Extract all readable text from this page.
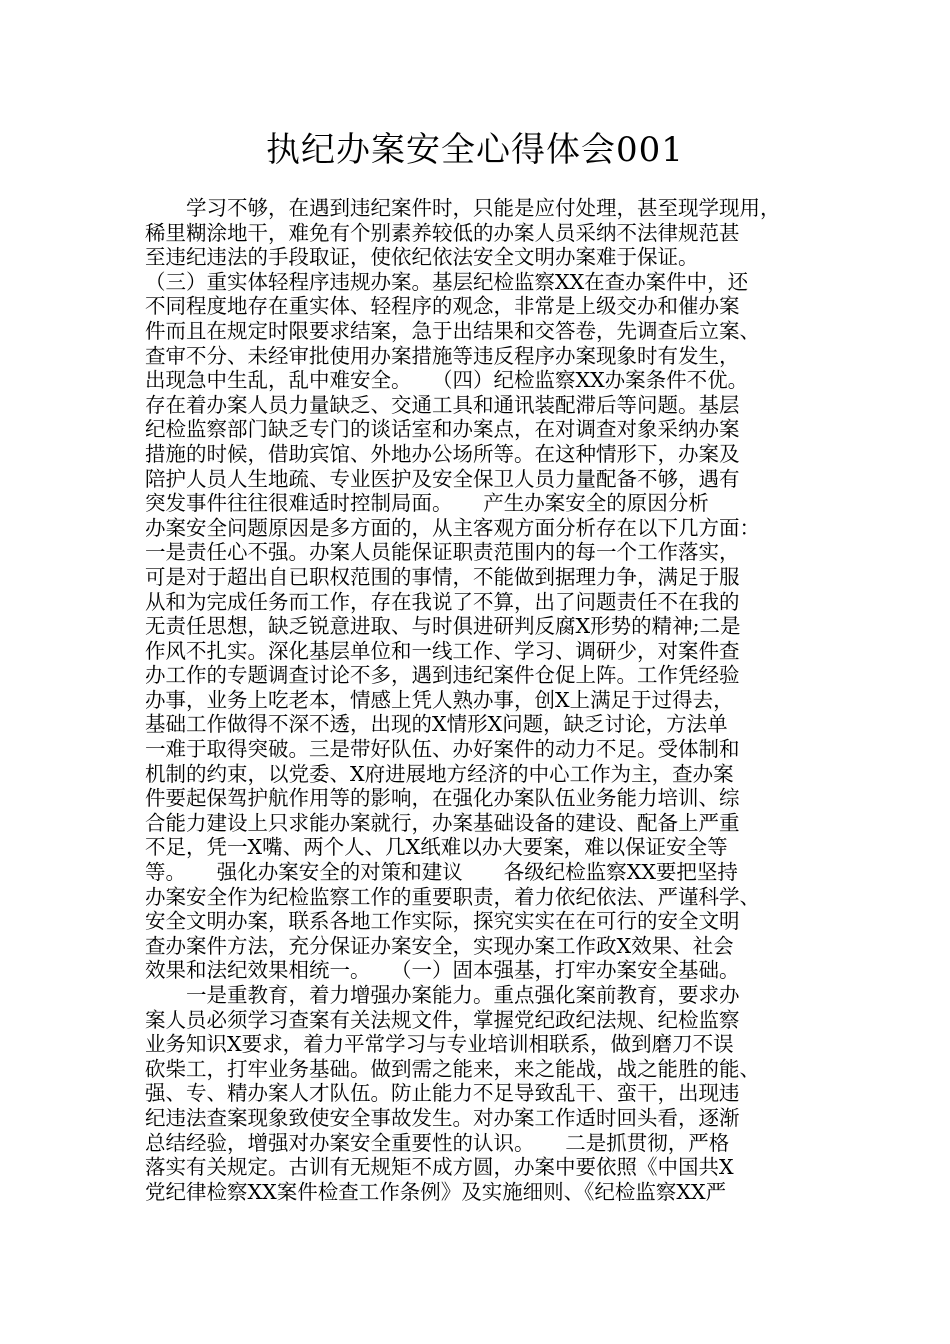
执纪办案安全心得体会001
　　学习不够，在遇到违纪案件时，只能是应付处理，甚至现学现用，
稀里糊涂地干，难免有个别素养较低的办案人员采纳不法律规范甚
至违纪违法的手段取证，使依纪依法安全文明办案难于保证。
（三）重实体轻程序违规办案。基层纪检监察XX在查办案件中，还
不同程度地存在重实体、轻程序的观念，非常是上级交办和催办案
件而且在规定时限要求结案，急于出结果和交答卷，先调查后立案、
查审不分、未经审批使用办案措施等违反程序办案现象时有发生，
出现急中生乱，乱中难安全。　　（四）纪检监察XX办案条件不优。
存在着办案人员力量缺乏、交通工具和通讯装配滞后等问题。基层
纪检监察部门缺乏专门的谈话室和办案点，在对调查对象采纳办案
措施的时候，借助宾馆、外地办公场所等。在这种情形下，办案及
陪护人员人生地疏、专业医护及安全保卫人员力量配备不够，遇有
突发事件往往很难适时控制局面。　　产生办案安全的原因分析
办案安全问题原因是多方面的，从主客观方面分析存在以下几方面：
一是责任心不强。办案人员能保证职责范围内的每一个工作落实，
可是对于超出自已职权范围的事情，不能做到据理力争，满足于服
从和为完成任务而工作，存在我说了不算，出了问题责任不在我的
无责任思想，缺乏锐意进取、与时俱进研判反腐X形势的精神;二是
作风不扎实。深化基层单位和一线工作、学习、调研少，对案件查
办工作的专题调查讨论不多，遇到违纪案件仓促上阵。工作凭经验
办事，业务上吃老本，情感上凭人熟办事，创X上满足于过得去，
基础工作做得不深不透，出现的X情形X问题，缺乏讨论，方法单
一难于取得突破。三是带好队伍、办好案件的动力不足。受体制和
机制的约束，以党委、X府进展地方经济的中心工作为主，查办案
件要起保驾护航作用等的影响，在强化办案队伍业务能力培训、综
合能力建设上只求能办案就行，办案基础设备的建设、配备上严重
不足，凭一X嘴、两个人、几X纸难以办大要案，难以保证安全等
等。　　强化办案安全的对策和建议　　各级纪检监察XX要把坚持
办案安全作为纪检监察工作的重要职责，着力依纪依法、严谨科学、
安全文明办案，联系各地工作实际，探究实实在在可行的安全文明
查办案件方法，充分保证办案安全，实现办案工作政X效果、社会
效果和法纪效果相统一。　　（一）固本强基，打牢办案安全基础。
　　一是重教育，着力增强办案能力。重点强化案前教育，要求办
案人员必须学习查案有关法规文件，掌握党纪政纪法规、纪检监察
业务知识X要求，着力平常学习与专业培训相联系，做到磨刀不误
砍柴工，打牢业务基础。做到需之能来，来之能战，战之能胜的能、
强、专、精办案人才队伍。防止能力不足导致乱干、蛮干，出现违
纪违法查案现象致使安全事故发生。对办案工作适时回头看，逐渐
总结经验，增强对办案安全重要性的认识。　　二是抓贯彻，严格
落实有关规定。古训有无规矩不成方圆，办案中要依照《中国共X
党纪律检察XX案件检查工作条例》及实施细则、《纪检监察XX严
